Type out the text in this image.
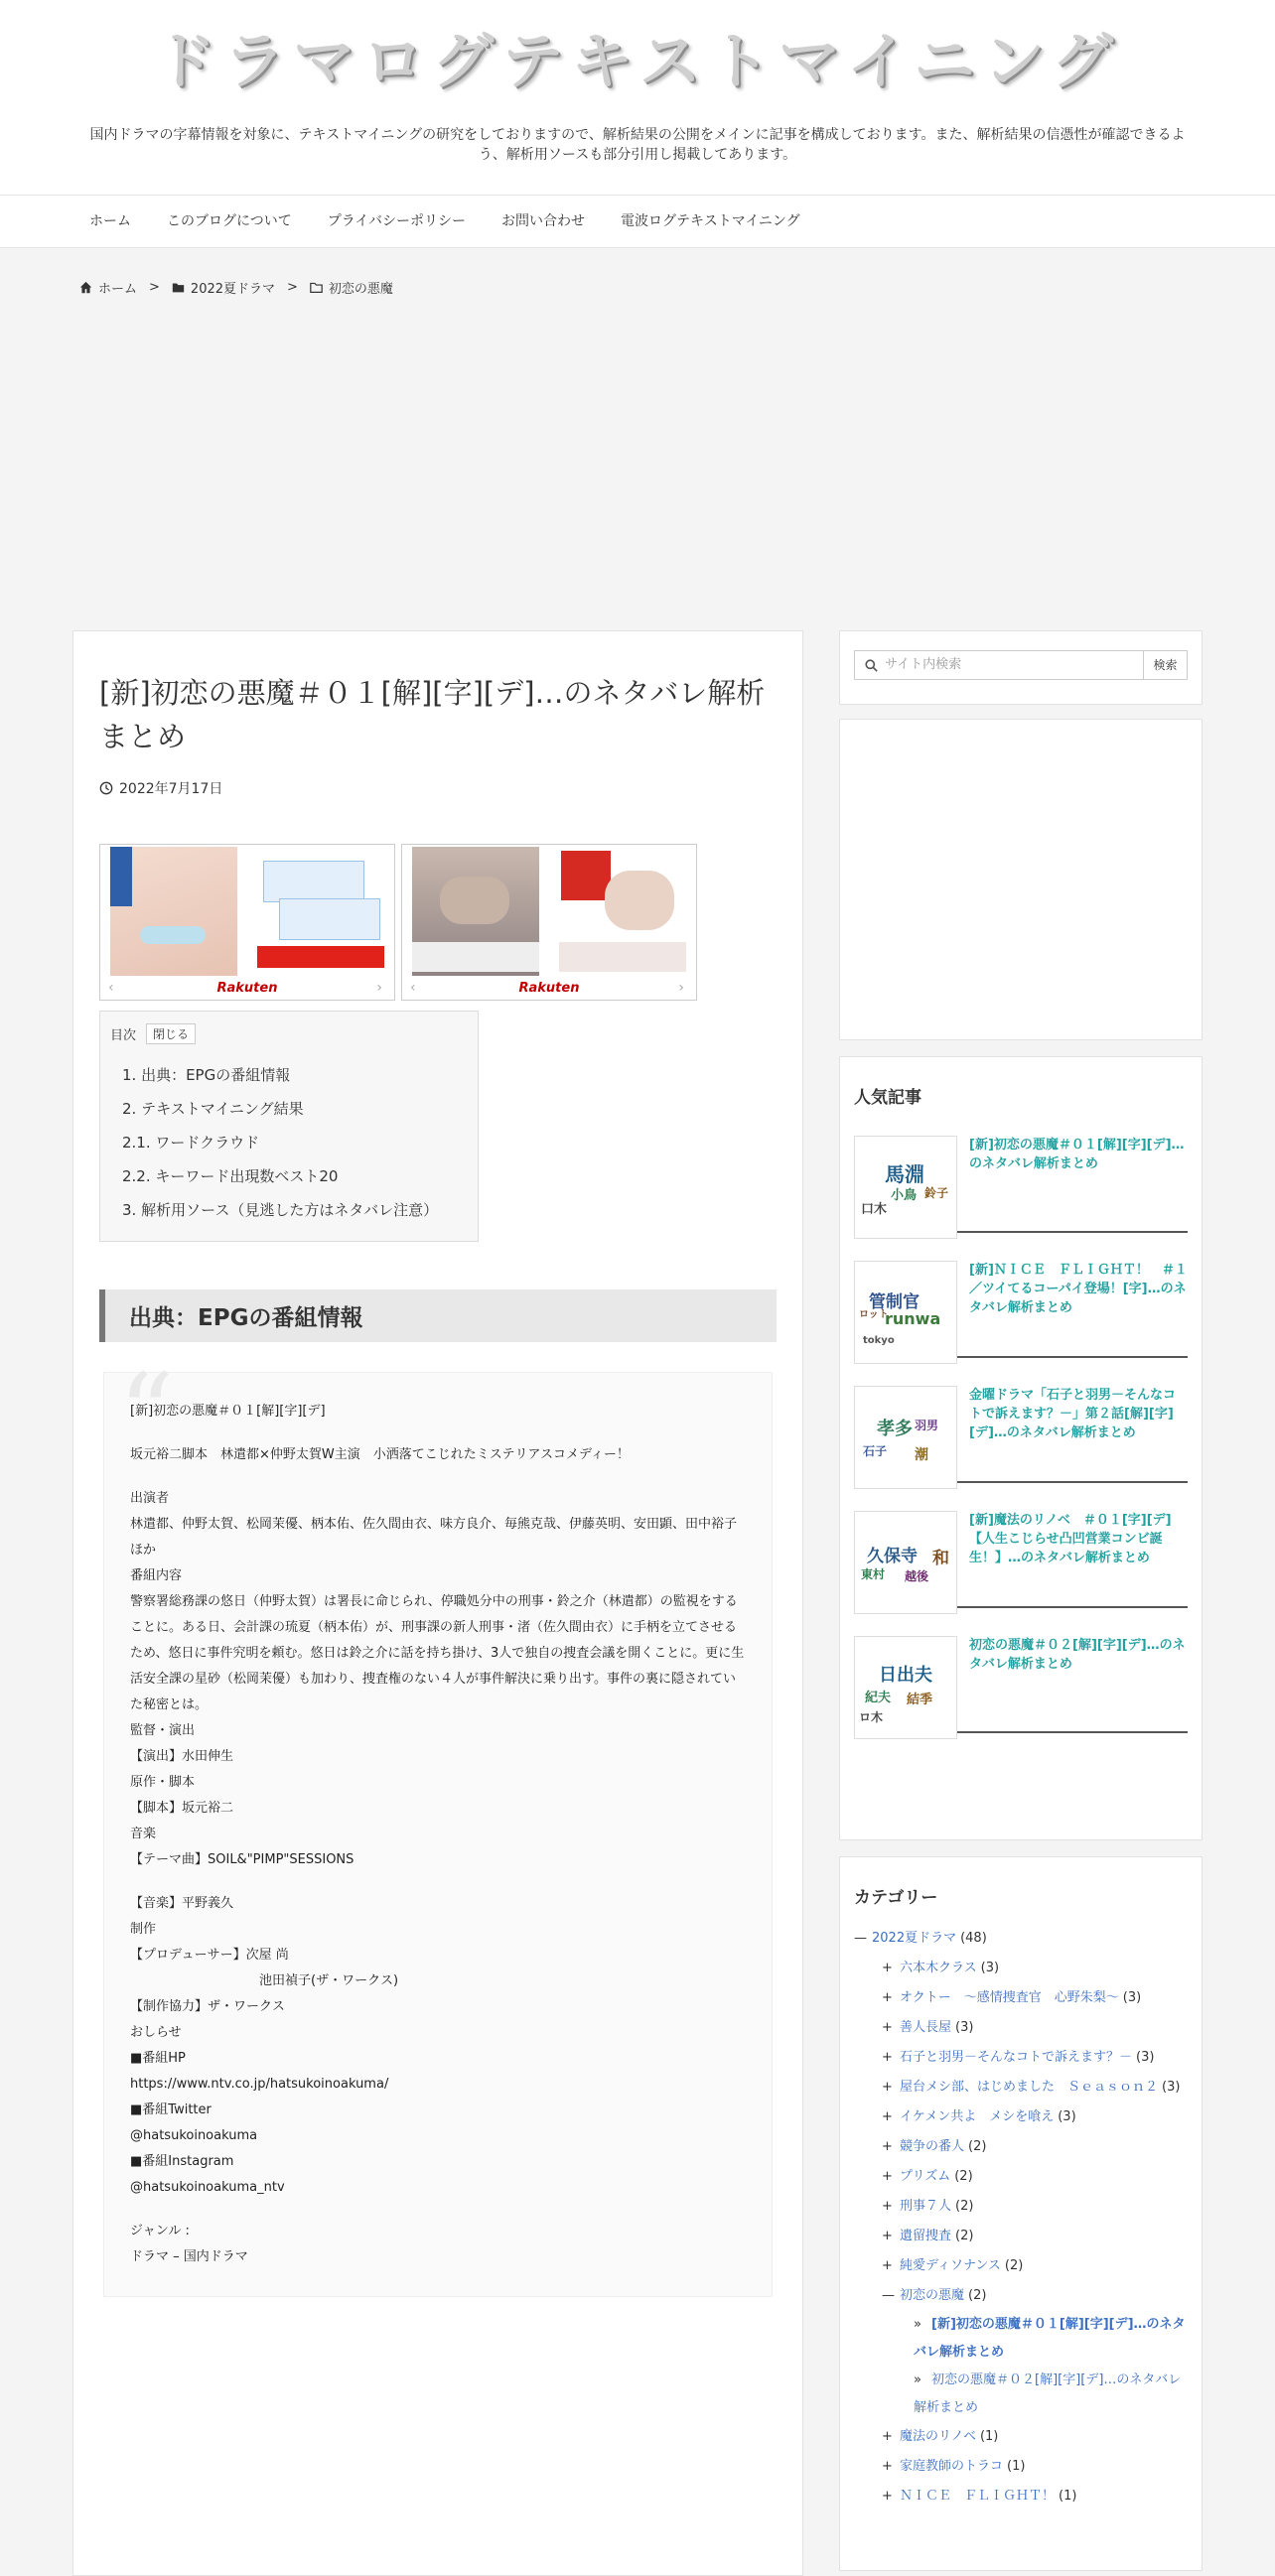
ドラマログテキストマイニング
国内ドラマの字幕情報を対象に、テキストマイニングの研究をしておりますので、解析結果の公開をメインに記事を構成しております。また、解析結果の信憑性が確認できるよう、解析用ソースも部分引用し掲載してあります。
ホーム	このブログについて	プライバシーポリシー	お問い合わせ	電波ログテキストマイニング
ホーム > 2022夏ドラマ > 初恋の悪魔
[新]初恋の悪魔＃０１[解][字][デ]…のネタバレ解析まとめ
2022年7月17日
‹	Rakuten	› ‹	Rakuten	›
目次	閉じる
1. 出典：EPGの番組情報
2. テキストマイニング結果
2.1. ワードクラウド
2.2. キーワード出現数ベスト20
3. 解析用ソース（見逃した方はネタバレ注意）
出典：EPGの番組情報
“

[新]初恋の悪魔＃０１[解][字][デ]

坂元裕二脚本　林遣都×仲野太賀W主演　小洒落てこじれたミステリアスコメディー！

出演者

林遣都、仲野太賀、松岡茉優、柄本佑、佐久間由衣、味方良介、毎熊克哉、伊藤英明、安田顕、田中裕子　ほか

番組内容

警察署総務課の悠日（仲野太賀）は署長に命じられ、停職処分中の刑事・鈴之介（林遣都）の監視をすることに。ある日、会計課の琉夏（柄本佑）が、刑事課の新人刑事・渚（佐久間由衣）に手柄を立てさせるため、悠日に事件究明を頼む。悠日は鈴之介に話を持ち掛け、3人で独自の捜査会議を開くことに。更に生活安全課の星砂（松岡茉優）も加わり、捜査権のない４人が事件解決に乗り出す。事件の裏に隠されていた秘密とは。

監督・演出

【演出】水田伸生

原作・脚本

【脚本】坂元裕二

音楽

【テーマ曲】SOIL&"PIMP"SESSIONS

【音楽】平野義久

制作

【プロデューサー】次屋 尚

池田禎子(ザ・ワークス)

【制作協力】ザ・ワークス

おしらせ

■番組HP

https://www.ntv.co.jp/hatsukoinoakuma/

■番組Twitter

@hatsukoinoakuma

■番組Instagram

@hatsukoinoakuma_ntv

ジャンル :

ドラマ – 国内ドラマ

サイト内検索	検索
人気記事
馬淵
小鳥 鈴子
口木
[新]初恋の悪魔＃０１[解][字][デ]…のネタバレ解析まとめ
管制官
runwa
ロット
tokyo
[新]ＮＩＣＥ　ＦＬＩＧＨＴ！　＃１／ツイてるコーパイ登場！[字]…のネタバレ解析まとめ
孝多 羽男
石子 潮
金曜ドラマ「石子と羽男－そんなコトで訴えます？－」第２話[解][字][デ]…のネタバレ解析まとめ
久保寺 和
東村 越後
[新]魔法のリノベ　＃０１[字][デ]【人生こじらせ凸凹営業コンビ誕生！】…のネタバレ解析まとめ
日出夫
紀夫 結季
ロ木
初恋の悪魔＃０２[解][字][デ]…のネタバレ解析まとめ
カテゴリー
— 2022夏ドラマ (48)
+ 六本木クラス (3)
+ オクトー　～感情捜査官　心野朱梨～ (3)
+ 善人長屋 (3)
+ 石子と羽男－そんなコトで訴えます？－ (3)
+ 屋台メシ部、はじめました　Ｓｅａｓｏｎ２ (3)
+ イケメン共よ　メシを喰え (3)
+ 競争の番人 (2)
+ プリズム (2)
+ 刑事７人 (2)
+ 遺留捜査 (2)
+ 純愛ディソナンス (2)
— 初恋の悪魔 (2)
» [新]初恋の悪魔＃０１[解][字][デ]…のネタバレ解析まとめ
» 初恋の悪魔＃０２[解][字][デ]…のネタバレ解析まとめ
+ 魔法のリノベ (1)
+ 家庭教師のトラコ (1)
+ ＮＩＣＥ　ＦＬＩＧＨＴ！ (1)
